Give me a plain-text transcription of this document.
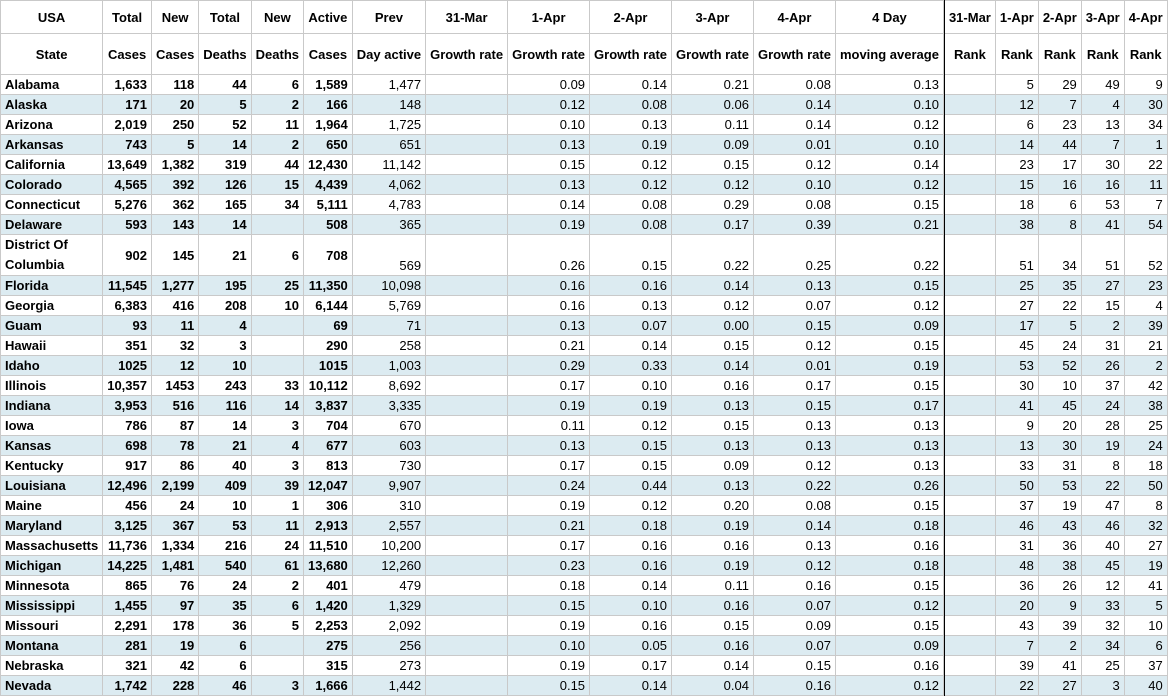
USA	Total	New	Total	New	Active	Prev	31-Mar	1-Apr	2-Apr	3-Apr	4-Apr	4 Day		31-Mar	1-Apr	2-Apr	3-Apr	4-Apr
State	Cases	Cases	Deaths	Deaths	Cases	Day active	Growth rate	Growth rate	Growth rate	Growth rate	Growth rate	moving average		Rank	Rank	Rank	Rank	Rank
Alabama	1,633	118	44	6	1,589	1,477		0.09	0.14	0.21	0.08	0.13			5	29	49	9
Alaska	171	20	5	2	166	148		0.12	0.08	0.06	0.14	0.10			12	7	4	30
Arizona	2,019	250	52	11	1,964	1,725		0.10	0.13	0.11	0.14	0.12			6	23	13	34
Arkansas	743	5	14	2	650	651		0.13	0.19	0.09	0.01	0.10			14	44	7	1
California	13,649	1,382	319	44	12,430	11,142		0.15	0.12	0.15	0.12	0.14			23	17	30	22
Colorado	4,565	392	126	15	4,439	4,062		0.13	0.12	0.12	0.10	0.12			15	16	16	11
Connecticut	5,276	362	165	34	5,111	4,783		0.14	0.08	0.29	0.08	0.15			18	6	53	7
Delaware	593	143	14		508	365		0.19	0.08	0.17	0.39	0.21			38	8	41	54
District Of Columbia	902	145	21	6	708	569		0.26	0.15	0.22	0.25	0.22			51	34	51	52
Florida	11,545	1,277	195	25	11,350	10,098		0.16	0.16	0.14	0.13	0.15			25	35	27	23
Georgia	6,383	416	208	10	6,144	5,769		0.16	0.13	0.12	0.07	0.12			27	22	15	4
Guam	93	11	4		69	71		0.13	0.07	0.00	0.15	0.09			17	5	2	39
Hawaii	351	32	3		290	258		0.21	0.14	0.15	0.12	0.15			45	24	31	21
Idaho	1025	12	10		1015	1,003		0.29	0.33	0.14	0.01	0.19			53	52	26	2
Illinois	10,357	1453	243	33	10,112	8,692		0.17	0.10	0.16	0.17	0.15			30	10	37	42
Indiana	3,953	516	116	14	3,837	3,335		0.19	0.19	0.13	0.15	0.17			41	45	24	38
Iowa	786	87	14	3	704	670		0.11	0.12	0.15	0.13	0.13			9	20	28	25
Kansas	698	78	21	4	677	603		0.13	0.15	0.13	0.13	0.13			13	30	19	24
Kentucky	917	86	40	3	813	730		0.17	0.15	0.09	0.12	0.13			33	31	8	18
Louisiana	12,496	2,199	409	39	12,047	9,907		0.24	0.44	0.13	0.22	0.26			50	53	22	50
Maine	456	24	10	1	306	310		0.19	0.12	0.20	0.08	0.15			37	19	47	8
Maryland	3,125	367	53	11	2,913	2,557		0.21	0.18	0.19	0.14	0.18			46	43	46	32
Massachusetts	11,736	1,334	216	24	11,510	10,200		0.17	0.16	0.16	0.13	0.16			31	36	40	27
Michigan	14,225	1,481	540	61	13,680	12,260		0.23	0.16	0.19	0.12	0.18			48	38	45	19
Minnesota	865	76	24	2	401	479		0.18	0.14	0.11	0.16	0.15			36	26	12	41
Mississippi	1,455	97	35	6	1,420	1,329		0.15	0.10	0.16	0.07	0.12			20	9	33	5
Missouri	2,291	178	36	5	2,253	2,092		0.19	0.16	0.15	0.09	0.15			43	39	32	10
Montana	281	19	6		275	256		0.10	0.05	0.16	0.07	0.09			7	2	34	6
Nebraska	321	42	6		315	273		0.19	0.17	0.14	0.15	0.16			39	41	25	37
Nevada	1,742	228	46	3	1,666	1,442		0.15	0.14	0.04	0.16	0.12			22	27	3	40
